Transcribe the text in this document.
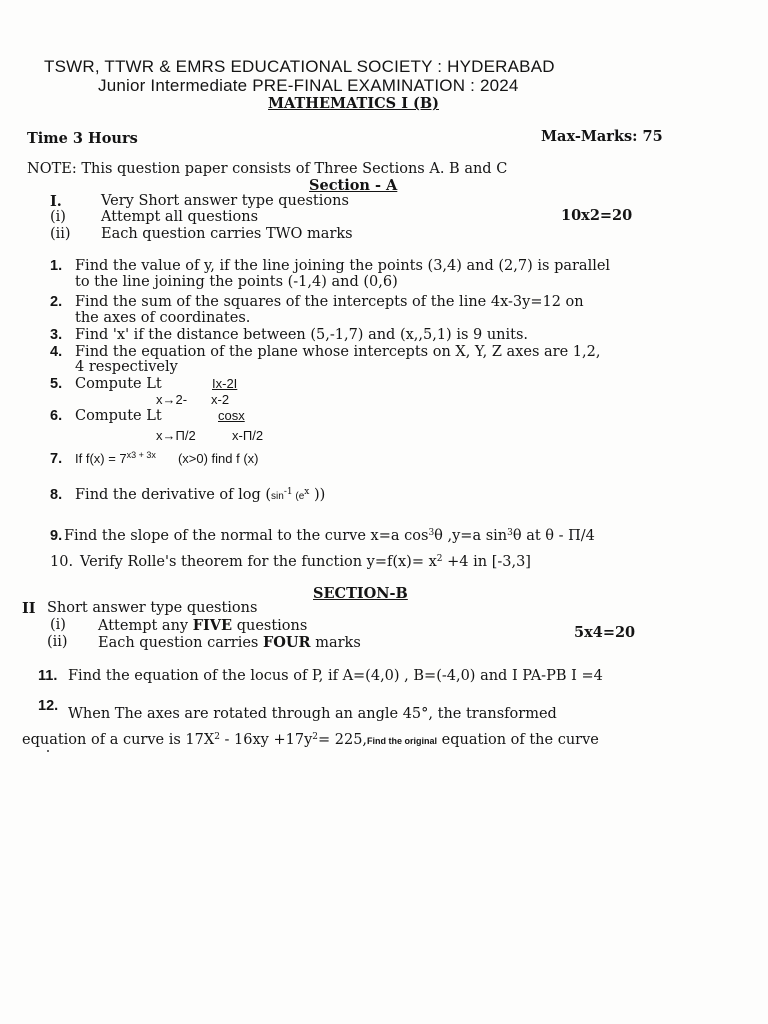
TSWR, TTWR & EMRS EDUCATIONAL SOCIETY : HYDERABAD
Junior Intermediate PRE-FINAL EXAMINATION : 2024
MATHEMATICS I (B)
Time 3 Hours	Max-Marks: 75
NOTE: This question paper consists of Three Sections A. B and C
Section - A
I.	Very Short answer type questions
(i) Attempt all questions	10x2=20
(ii) Each question carries TWO marks
1. Find the value of y, if the line joining the points (3,4) and (2,7) is parallel
to the line joining the points (-1,4) and (0,6)
2. Find the sum of the squares of the intercepts of the line 4x-3y=12 on
the axes of coordinates.
3. Find 'x' if the distance between (5,-1,7) and (x,,5,1) is 9 units.
4. Find the equation of the plane whose intercepts on X, Y, Z axes are 1,2,
4 respectively
5. Compute Lt	Ix-2I
x→2- x-2
6. Compute Lt	cosx
x→Π/2	x-Π/2
7. If $f(x) = 7^{x3 + 3x}$ (x>0) find f (x)
8. Find the derivative of $\log (\sin^{-1}$ ($e^x$ ))
9. Find the slope of the normal to the curve x=a $\cos^3\theta$ ,y=a $\sin^3\theta$ at θ - Π/4
10. Verify Rolle's theorem for the function $y=f(x)= x^2 +4$ in [-3,3]
SECTION-B
II Short answer type questions
(i) Attempt any FIVE questions	5x4=20
(ii) Each question carries FOUR marks
11. Find the equation of the locus of P, if A=(4,0) , B=(-4,0) and I PA-PB I =4
12. When The axes are rotated through an angle 45°, the transformed
equation of a curve is $17X^2 - 16xy +17y^2=$ 225,Find the original equation of the curve
